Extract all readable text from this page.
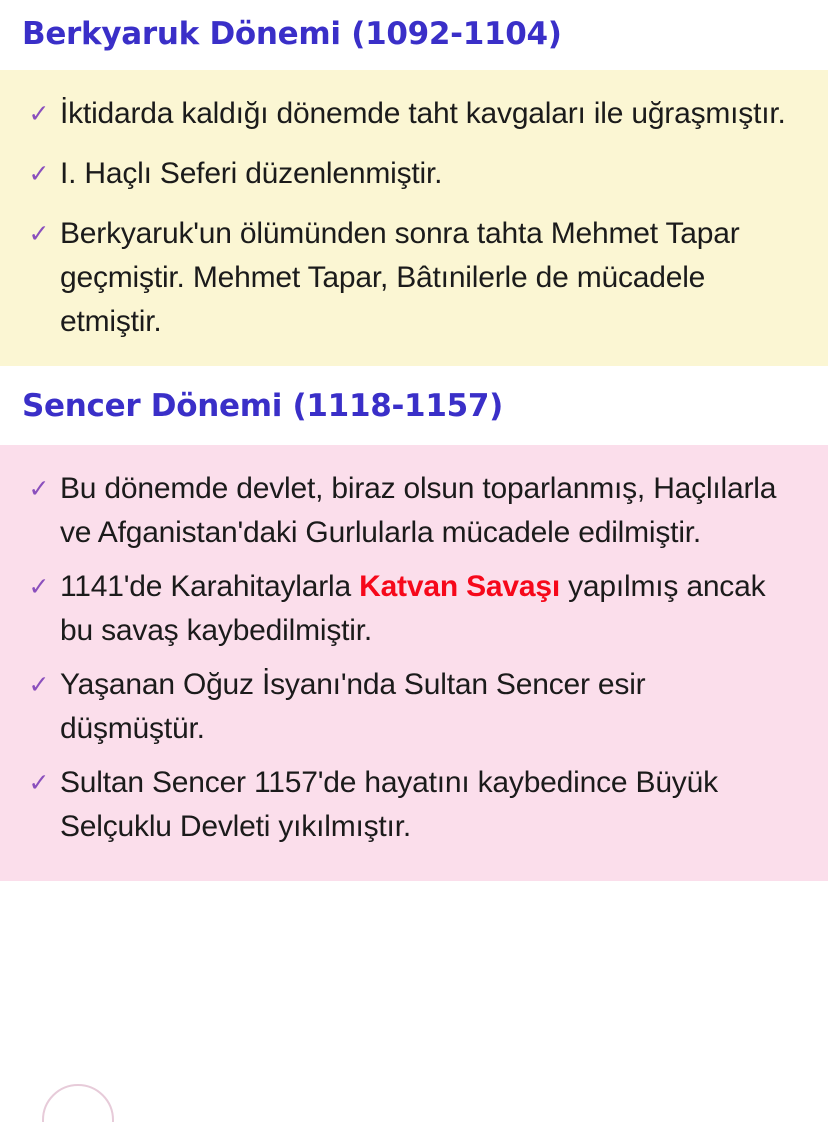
Berkyaruk Dönemi (1092-1104)
✓ İktidarda kaldığı dönemde taht kavgaları ile uğraşmıştır.
✓ I. Haçlı Seferi düzenlenmiştir.
✓ Berkyaruk'un ölümünden sonra tahta Mehmet Tapar geçmiştir. Mehmet Tapar, Bâtınilerle de mücadele etmiştir.
Sencer Dönemi (1118-1157)
✓ Bu dönemde devlet, biraz olsun toparlanmış, Haçlılarla ve Afganistan'daki Gurlularla mücadele edilmiştir.
✓ 1141'de Karahitaylarla Katvan Savaşı yapılmış ancak bu savaş kaybedilmiştir.
✓ Yaşanan Oğuz İsyanı'nda Sultan Sencer esir düşmüştür.
✓ Sultan Sencer 1157'de hayatını kaybedince Büyük Selçuklu Devleti yıkılmıştır.
